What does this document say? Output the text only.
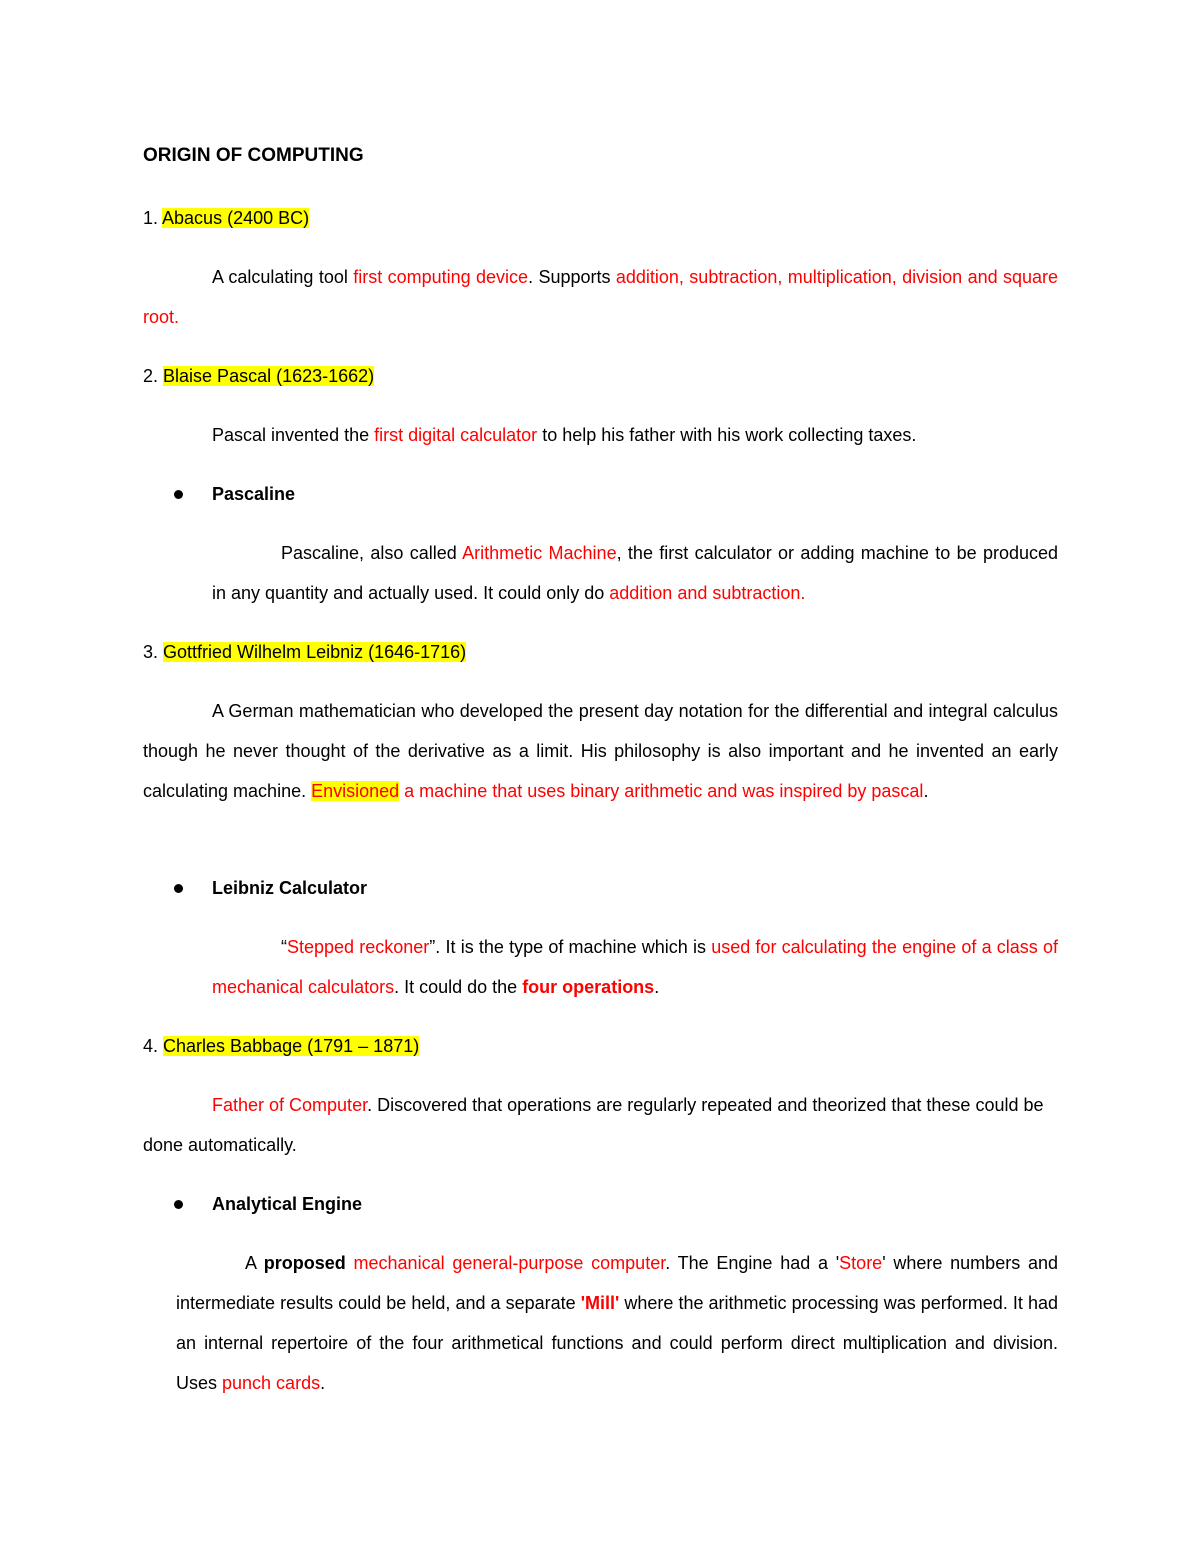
ORIGIN OF COMPUTING
1. Abacus (2400 BC)

A calculating tool first computing device. Supports addition, subtraction, multiplication, division and square root.

2. Blaise Pascal (1623-1662)

Pascal invented the first digital calculator to help his father with his work collecting taxes.

Pascaline

Pascaline, also called Arithmetic Machine, the first calculator or adding machine to be produced in any quantity and actually used. It could only do addition and subtraction.

3. Gottfried Wilhelm Leibniz (1646-1716)

A German mathematician who developed the present day notation for the differential and integral calculus though he never thought of the derivative as a limit. His philosophy is also important and he invented an early calculating machine. Envisioned a machine that uses binary arithmetic and was inspired by pascal.

Leibniz Calculator

“Stepped reckoner”. It is the type of machine which is used for calculating the engine of a class of mechanical calculators. It could do the four operations.

4. Charles Babbage (1791 – 1871)

Father of Computer. Discovered that operations are regularly repeated and theorized that these could be done automatically.

Analytical Engine

A proposed mechanical general-purpose computer. The Engine had a 'Store' where numbers and intermediate results could be held, and a separate 'Mill' where the arithmetic processing was performed. It had an internal repertoire of the four arithmetical functions and could perform direct multiplication and division. Uses punch cards.
